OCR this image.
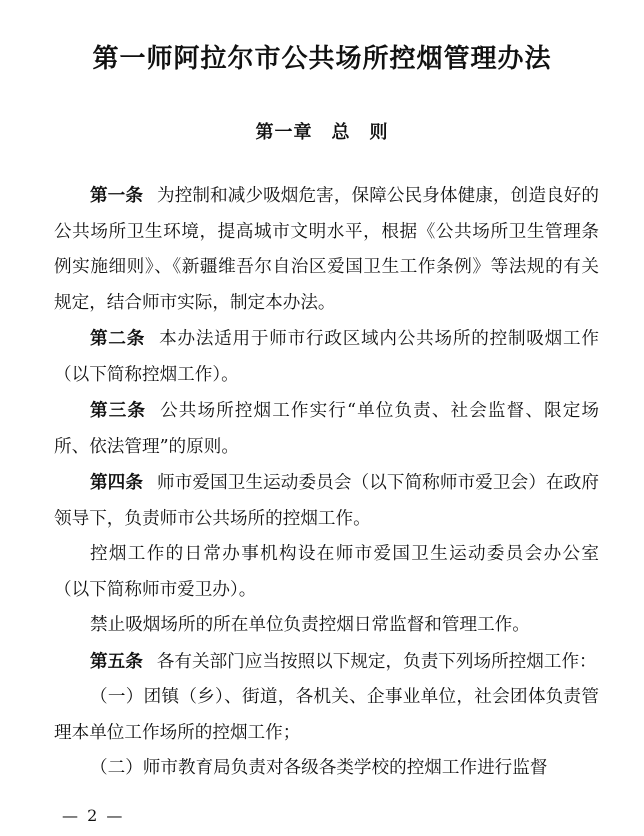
第一师阿拉尔市公共场所控烟管理办法
第一章　总　则

第一条 为控制和减少吸烟危害，保障公民身体健康，创造良好的公共场所卫生环境，提高城市文明水平，根据《公共场所卫生管理条例实施细则》、《新疆维吾尔自治区爱国卫生工作条例》等法规的有关规定，结合师市实际，制定本办法。

第二条 本办法适用于师市行政区域内公共场所的控制吸烟工作（以下简称控烟工作）。

第三条 公共场所控烟工作实行“单位负责、社会监督、限定场所、依法管理”的原则。

第四条 师市爱国卫生运动委员会（以下简称师市爱卫会）在政府领导下，负责师市公共场所的控烟工作。

控烟工作的日常办事机构设在师市爱国卫生运动委员会办公室（以下简称师市爱卫办）。

禁止吸烟场所的所在单位负责控烟日常监督和管理工作。

第五条 各有关部门应当按照以下规定，负责下列场所控烟工作：

（一）团镇（乡）、街道，各机关、企事业单位，社会团体负责管理本单位工作场所的控烟工作；

（二）师市教育局负责对各级各类学校的控烟工作进行监督

— 2 —
